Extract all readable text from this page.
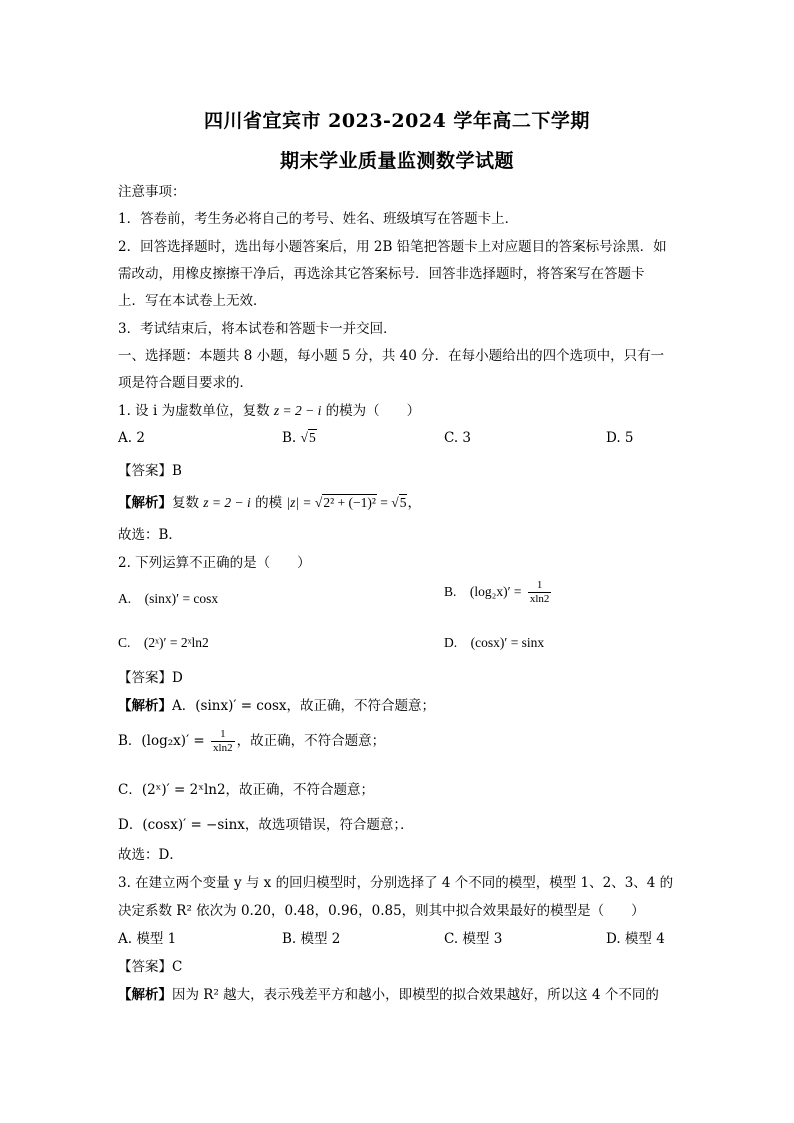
四川省宜宾市 2023-2024 学年高二下学期
期末学业质量监测数学试题
注意事项：
1．答卷前，考生务必将自己的考号、姓名、班级填写在答题卡上．
2．回答选择题时，选出每小题答案后，用 2B 铅笔把答题卡上对应题目的答案标号涂黑．如
需改动，用橡皮擦擦干净后，再选涂其它答案标号．回答非选择题时，将答案写在答题卡
上．写在本试卷上无效．
3．考试结束后，将本试卷和答题卡一并交回．
一、选择题：本题共 8 小题，每小题 5 分，共 40 分．在每小题给出的四个选项中，只有一
项是符合题目要求的．
1. 设 i 为虚数单位，复数 z = 2 − i 的模为（　　）
A. 2	B. √5	C. 3	D. 5
【答案】B
【解析】复数 z = 2 − i 的模 |z| = √2² + (−1)² = √5，
故选：B．
2. 下列运算不正确的是（　　）
A.　(sinx)′ = cosx	B.　$(\log_2x)' = \frac{1}{xln2}$
C.　(2ˣ)′ = 2ˣln2	D.　(cosx)′ = sinx
【答案】D
【解析】A．(sinx)′ = cosx，故正确，不符合题意；
B．$(\log_2x)' = \frac{1}{xln2}$ ，故正确，不符合题意；
C．(2ˣ)′ = 2ˣln2，故正确，不符合题意；
D．(cosx)′ = −sinx，故选项错误，符合题意；．
故选：D．
3. 在建立两个变量 y 与 x 的回归模型时，分别选择了 4 个不同的模型，模型 1、2、3、4 的
决定系数 R² 依次为 0.20，0.48，0.96，0.85，则其中拟合效果最好的模型是（　　）
A. 模型 1	B. 模型 2	C. 模型 3	D. 模型 4
【答案】C
【解析】因为 R² 越大，表示残差平方和越小，即模型的拟合效果越好，所以这 4 个不同的
